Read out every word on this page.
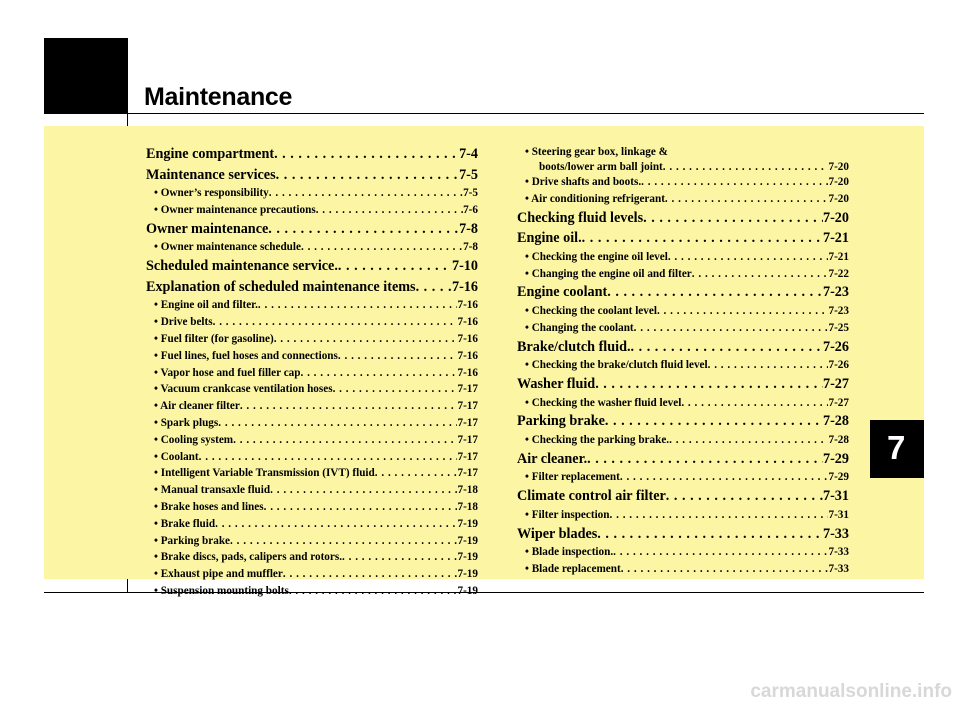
Maintenance
7
Engine compartment . . .	7-4
Maintenance services . . .	7-5
• Owner’s responsibility . . .	7-5
• Owner maintenance precautions . . .	7-6
Owner maintenance . . .	7-8
• Owner maintenance schedule . . .	7-8
Scheduled maintenance service. . . .	7-10
Explanation of scheduled maintenance items . . .	7-16
• Engine oil and filter. . . .	7-16
• Drive belts . . .	7-16
• Fuel filter (for gasoline) . . .	7-16
• Fuel lines, fuel hoses and connections . . .	7-16
• Vapor hose and fuel filler cap . . .	7-16
• Vacuum crankcase ventilation hoses . . .	7-17
• Air cleaner filter . . .	7-17
• Spark plugs . . .	7-17
• Cooling system . . .	7-17
• Coolant . . .	7-17
• Intelligent Variable Transmission (IVT) fluid . . .	7-17
• Manual transaxle fluid . . .	7-18
• Brake hoses and lines . . .	7-18
• Brake fluid . . .	7-19
• Parking brake . . .	7-19
• Brake discs, pads, calipers and rotors. . . .	7-19
• Exhaust pipe and muffler . . .	7-19
• Suspension mounting bolts . . .	7-19
• Steering gear box, linkage &
boots/lower arm ball joint . . .	7-20
• Drive shafts and boots. . . .	7-20
• Air conditioning refrigerant . . .	7-20
Checking fluid levels . . .	7-20
Engine oil. . . .	7-21
• Checking the engine oil level . . .	7-21
• Changing the engine oil and filter . . .	7-22
Engine coolant . . .	7-23
• Checking the coolant level . . .	7-23
• Changing the coolant . . .	7-25
Brake/clutch fluid. . . .	7-26
• Checking the brake/clutch fluid level . . .	7-26
Washer fluid . . .	7-27
• Checking the washer fluid level . . .	7-27
Parking brake . . .	7-28
• Checking the parking brake. . . .	7-28
Air cleaner. . . .	7-29
• Filter replacement . . .	7-29
Climate control air filter . . .	7-31
• Filter inspection . . .	7-31
Wiper blades . . .	7-33
• Blade inspection. . . .	7-33
• Blade replacement . . .	7-33
carmanualsonline.info
